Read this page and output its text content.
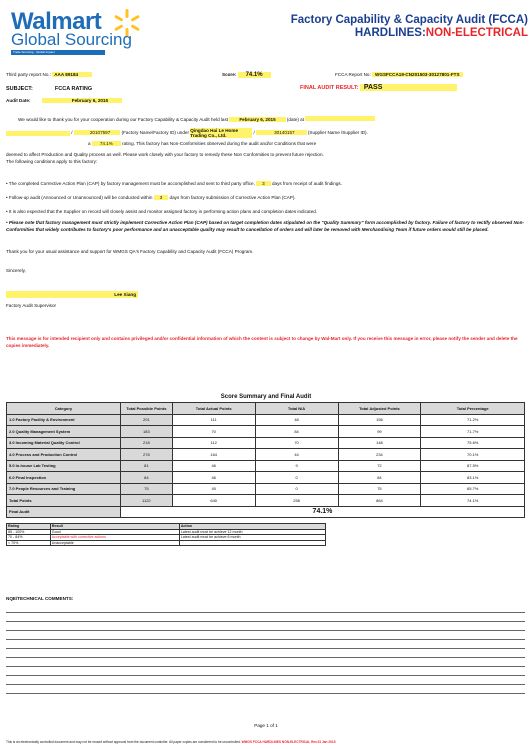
Walmart
Global Sourcing
Trade Sourcing · Global Impact
Factory Capability & Capacity Audit (FCCA)
HARDLINES:NON-ELECTRICAL
Third party report No.: AAA 89184	Score: 74.1%	FCCA Report No: WGSFCCA19-CN201503-30127801-FTS
SUBJECT:	FCCA RATING	FINAL AUDIT RESULT: PASS
Audit Date:	February 6, 2015
We would like to thank you for your cooperation during our Factory Capability & Capacity Audit held last February 6, 2015 (date) at
/	20107597 (Factory Name/Factory ID) under Qingdao Hai Le Home Trading Co., Ltd. /	30140157	(Supplier Name /Supplier ID).
a 74.1% rating. This factory has Non-Conformities observed during the audit and/or Conditions that were
deemed to affect Production and Quality process as well. Please work closely with your factory to remedy these Non Conformities to prevent future rejection.
The following conditions apply to this factory:
• The completed Corrective Action Plan (CAP) by factory management must be accomplished and sent to third party office, 3 days from receipt of audit findings.
• Follow-up audit (Announced or Unannounced) will be conducted within 3 days from factory submission of Corrective Action Plan (CAP).
• It is also expected that the Supplier on record will closely assist and monitor assigned factory in performing action plans and completion dates indicated.
• Please note that factory management must strictly implement Corrective Action Plan (CAP) based on target completion dates stipulated on the "Quality Summary" form accomplished by factory. Failure of factory to rectify observed Non-Conformities that widely contributes to factory's poor performance and an unacceptable quality may result to cancellation of orders and will later be removed with Merchandising Team if future orders would still be placed.
Thank you for your usual assistance and support for WMGS QA's Factory Capability and Capacity Audit (FCCA) Program.
Sincerely,
Lee Xiang
Factory Audit Supervisor
This message is for intended recipient only and contains privileged and/or confidential information of which the content is subject to change by Wal-Mart only. If you receive this message in error, please notify the sender and delete the copies immediately.
Score Summary and Final Audit
Category	Total Possible Points	Total Actual Points	Total N/A	Total Adjusted Points	Total Percentage
1.0 Factory Facility & Environment	201	111	48	156	71.2%
2.0 Quality Management System	183	70	84	99	71.7%
3.0 Incoming Material Quality Control	218	112	70	148	75.6%
4.0 Process and Production Control	278	164	44	234	70.1%
5.0 In-house Lab Testing	81	46	9	72	87.5%
6.0 Final Inspection	84	46	0	84	83.1%
7.0 People Resources and Training	75	45	0	75	65.7%
Total Points	1122	640	258	864	74.1%
Final Audit	74.1%				
Rating	Result	Action
85 - 100%	Good	Latest audit must be achieve 12 month
70 - 84%	Acceptable with corrective actions	Latest audit must be achieve 6 month
< 70%	Unacceptable	
NQE/TECHNICAL COMMENTS:
Page 1 of 1
This is an electronically controlled document and may not be reused without approval from the document controller. All paper copies are considered to be uncontrolled. WMGS FCCA HARDLINES NON-ELECTRICAL Rev.01 Jan 2015
